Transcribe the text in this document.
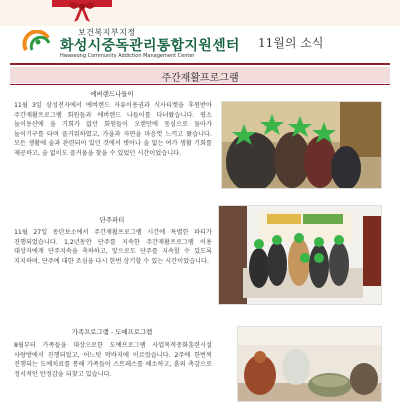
보건복지부지정
화성시중독관리통합지원센터
Hwaseong Community Addiction Management Center
11월의 소식
주간재활프로그램
에버랜드나들이
11월 3일 삼성전자에서 에버랜드 자유이용권과 식사티켓을 후원받아 주간재활프로그램 회원들과 에버랜드 나들이를 다녀왔습니다. 평소 놀이동산에 올 기회가 없던 회원들이 오랜만에 동심으로 돌아가 놀이기구를 타며 즐거워하였고, 가을과 자연을 마음껏 느끼고 왔습니다. 모든 생활에 술과 관련되어 있던 것에서 벗어나 술 없는 여가 생활 기회를 제공하고, 술 없이도 즐거움을 찾을 수 있었던 시간이었습니다.
단주파티
11월 27일 동탄보소에서 주간재활프로그램 시간에 특별한 파티가 진행되었습니다. 1,2년동안 단주를 지속한 주간재활프로그램 이용 대상자에게 단주지속을 축하하고, 앞으로도 단주를 지속할 수 있도록 지지하며, 단주에 대한 조심을 다시 한번 상기할 수 있는 시간이었습니다.
가족프로그램 - 도예프로그램
8월부터 가족들을 대상으로한 도예프로그램 사업목적중화훈련시설 사랑방에서 진행되었고, 어느덧 막바지에 이르렀습니다. 2주에 한번씩 진행되는 도예치료를 통해 가족들이 스트레스를 해소하고, 흙의 촉감으로 정서적인 안정감을 되찾고 있습니다.
